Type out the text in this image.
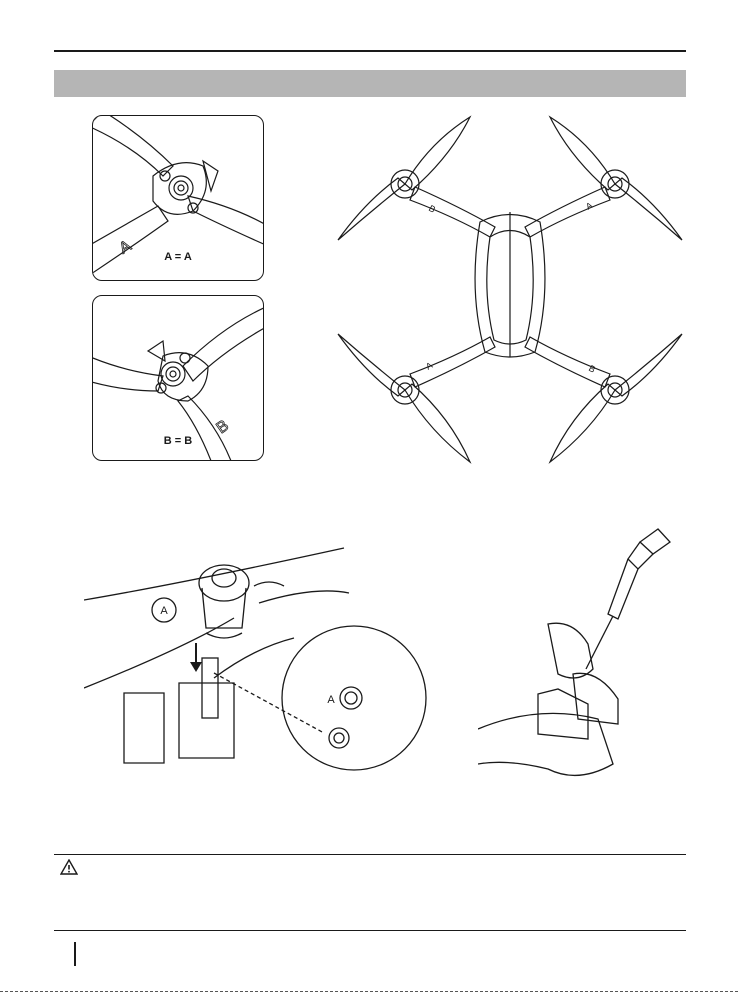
A	A = A
B
B = B
B	A
A	B
A
A
